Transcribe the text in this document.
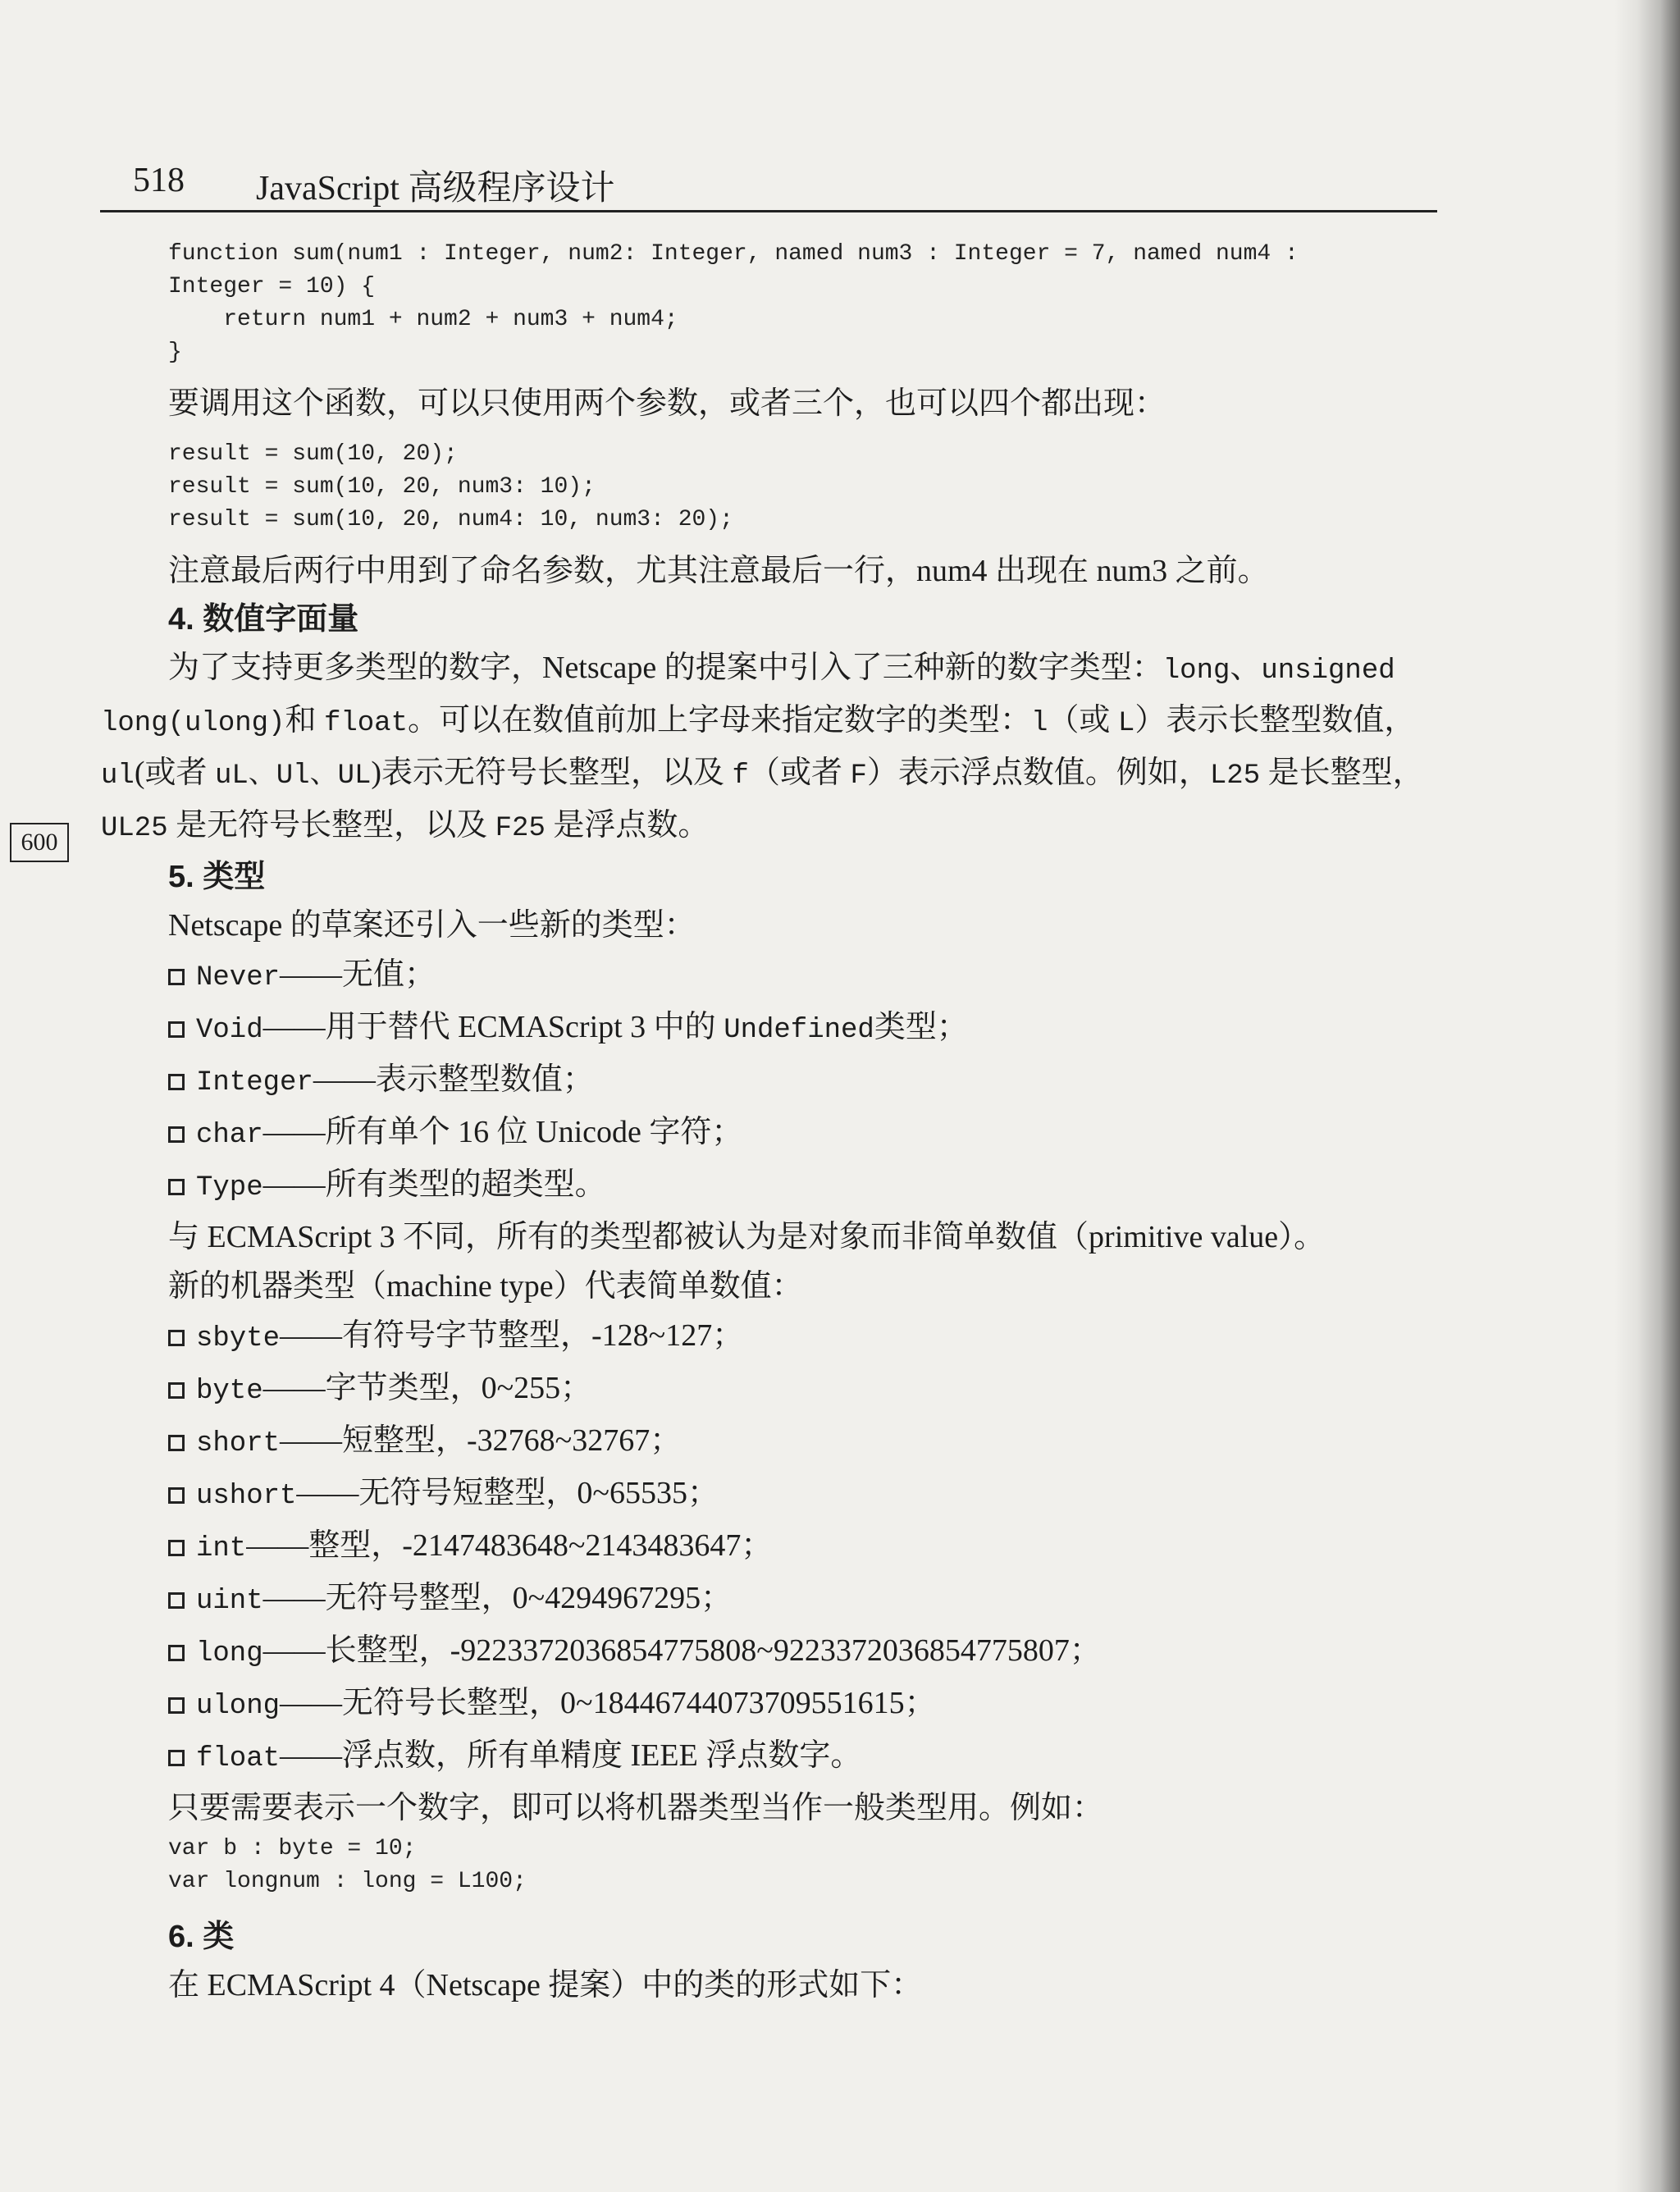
518 JavaScript 高级程序设计
600
function sum(num1 : Integer, num2: Integer, named num3 : Integer = 7, named num4 :
Integer = 10) {
return num1 + num2 + num3 + num4;
}

要调用这个函数，可以只使用两个参数，或者三个，也可以四个都出现：

result = sum(10, 20);
result = sum(10, 20, num3: 10);
result = sum(10, 20, num4: 10, num3: 20);

注意最后两行中用到了命名参数，尤其注意最后一行，num4 出现在 num3 之前。

4. 数值字面量

为了支持更多类型的数字，Netscape 的提案中引入了三种新的数字类型：long、unsigned long(ulong)和 float。可以在数值前加上字母来指定数字的类型：l（或 L）表示长整型数值，ul(或者 uL、Ul、UL)表示无符号长整型，以及 f（或者 F）表示浮点数值。例如，L25 是长整型，UL25 是无符号长整型，以及 F25 是浮点数。

5. 类型

Netscape 的草案还引入一些新的类型：

Never——无值；

Void——用于替代 ECMAScript 3 中的 Undefined类型；

Integer——表示整型数值；

char——所有单个 16 位 Unicode 字符；

Type——所有类型的超类型。

与 ECMAScript 3 不同，所有的类型都被认为是对象而非简单数值（primitive value）。

新的机器类型（machine type）代表简单数值：

sbyte——有符号字节整型，-128~127；

byte——字节类型，0~255；

short——短整型，-32768~32767；

ushort——无符号短整型，0~65535；

int——整型，-2147483648~2143483647；

uint——无符号整型，0~4294967295；

long——长整型，-9223372036854775808~9223372036854775807；

ulong——无符号长整型，0~18446744073709551615；

float——浮点数，所有单精度 IEEE 浮点数字。

只要需要表示一个数字，即可以将机器类型当作一般类型用。例如：

var b : byte = 10;
var longnum : long = L100;

6. 类

在 ECMAScript 4（Netscape 提案）中的类的形式如下：
